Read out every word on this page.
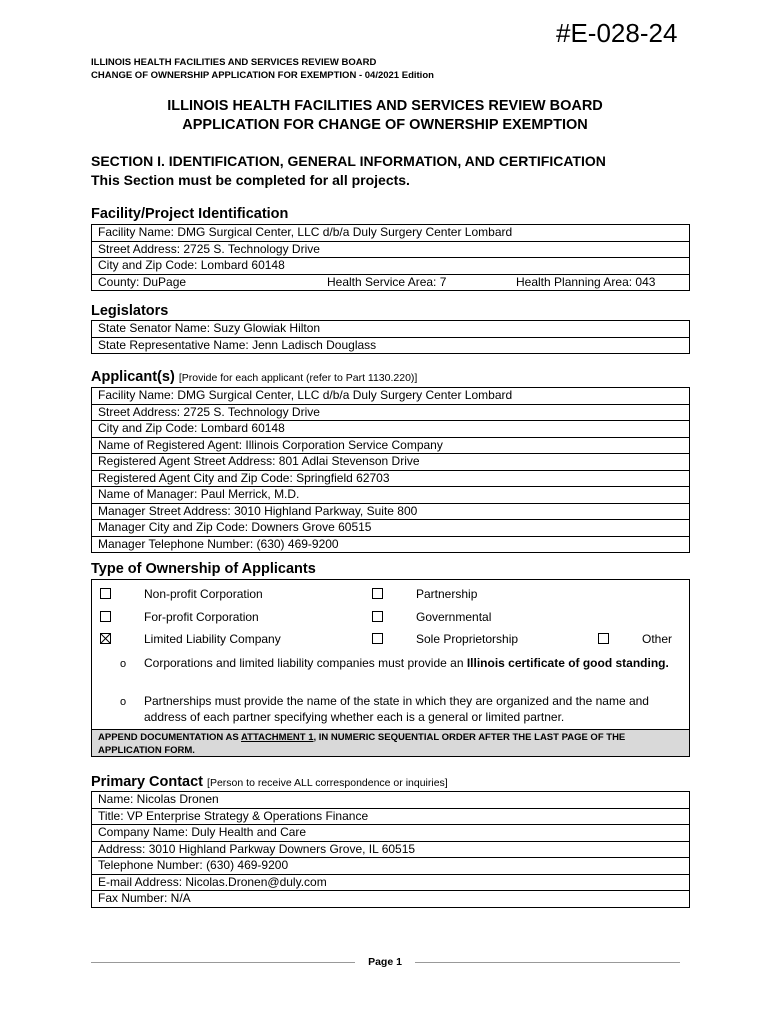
#E-028-24
ILLINOIS HEALTH FACILITIES AND SERVICES REVIEW BOARD
CHANGE OF OWNERSHIP APPLICATION FOR EXEMPTION - 04/2021 Edition
ILLINOIS HEALTH FACILITIES AND SERVICES REVIEW BOARD
APPLICATION FOR CHANGE OF OWNERSHIP EXEMPTION
SECTION I. IDENTIFICATION, GENERAL INFORMATION, AND CERTIFICATION
This Section must be completed for all projects.
Facility/Project Identification
Facility Name: DMG Surgical Center, LLC d/b/a Duly Surgery Center Lombard
Street Address: 2725 S. Technology Drive
City and Zip Code: Lombard 60148
County: DuPage	Health Service Area: 7	Health Planning Area: 043
Legislators
State Senator Name: Suzy Glowiak Hilton
State Representative Name: Jenn Ladisch Douglass
Applicant(s) [Provide for each applicant (refer to Part 1130.220)]
Facility Name: DMG Surgical Center, LLC d/b/a Duly Surgery Center Lombard
Street Address: 2725 S. Technology Drive
City and Zip Code: Lombard 60148
Name of Registered Agent: Illinois Corporation Service Company
Registered Agent Street Address: 801 Adlai Stevenson Drive
Registered Agent City and Zip Code: Springfield 62703
Name of Manager: Paul Merrick, M.D.
Manager Street Address: 3010 Highland Parkway, Suite 800
Manager City and Zip Code: Downers Grove 60515
Manager Telephone Number: (630) 469-9200
Type of Ownership of Applicants
Non-profit Corporation	Partnership
For-profit Corporation	Governmental
Limited Liability Company	Sole Proprietorship	Other
o Corporations and limited liability companies must provide an Illinois certificate of good standing.
o Partnerships must provide the name of the state in which they are organized and the name and address of each partner specifying whether each is a general or limited partner.
APPEND DOCUMENTATION AS ATTACHMENT 1, IN NUMERIC SEQUENTIAL ORDER AFTER THE LAST PAGE OF THE APPLICATION FORM.
Primary Contact [Person to receive ALL correspondence or inquiries]
Name: Nicolas Dronen
Title: VP Enterprise Strategy & Operations Finance
Company Name: Duly Health and Care
Address: 3010 Highland Parkway Downers Grove, IL 60515
Telephone Number: (630) 469-9200
E-mail Address: Nicolas.Dronen@duly.com
Fax Number: N/A
Page 1
